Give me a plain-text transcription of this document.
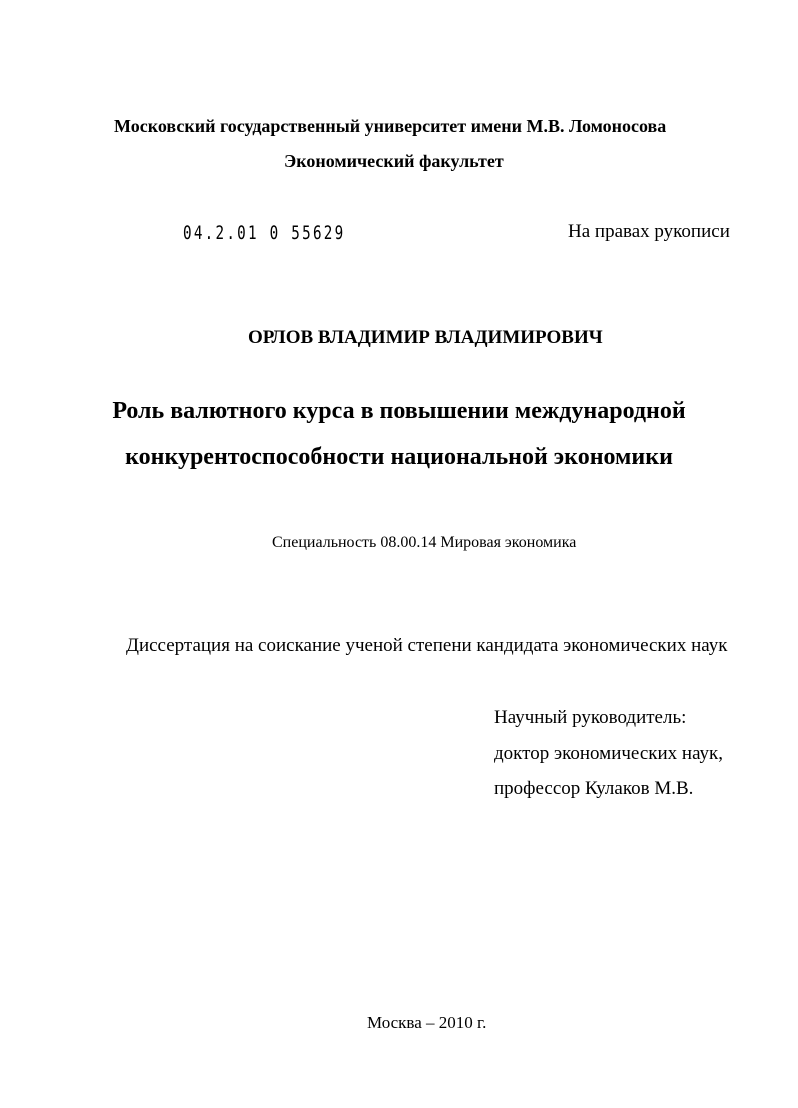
Московский государственный университет имени М.В. Ломоносова
Экономический факультет
04.2.01 0 55629	На правах рукописи
ОРЛОВ ВЛАДИМИР ВЛАДИМИРОВИЧ
Роль валютного курса в повышении международной
конкурентоспособности национальной экономики
Специальность 08.00.14 Мировая экономика
Диссертация на соискание ученой степени кандидата экономических наук
Научный руководитель:
доктор экономических наук,
профессор Кулаков М.В.
Москва – 2010 г.
